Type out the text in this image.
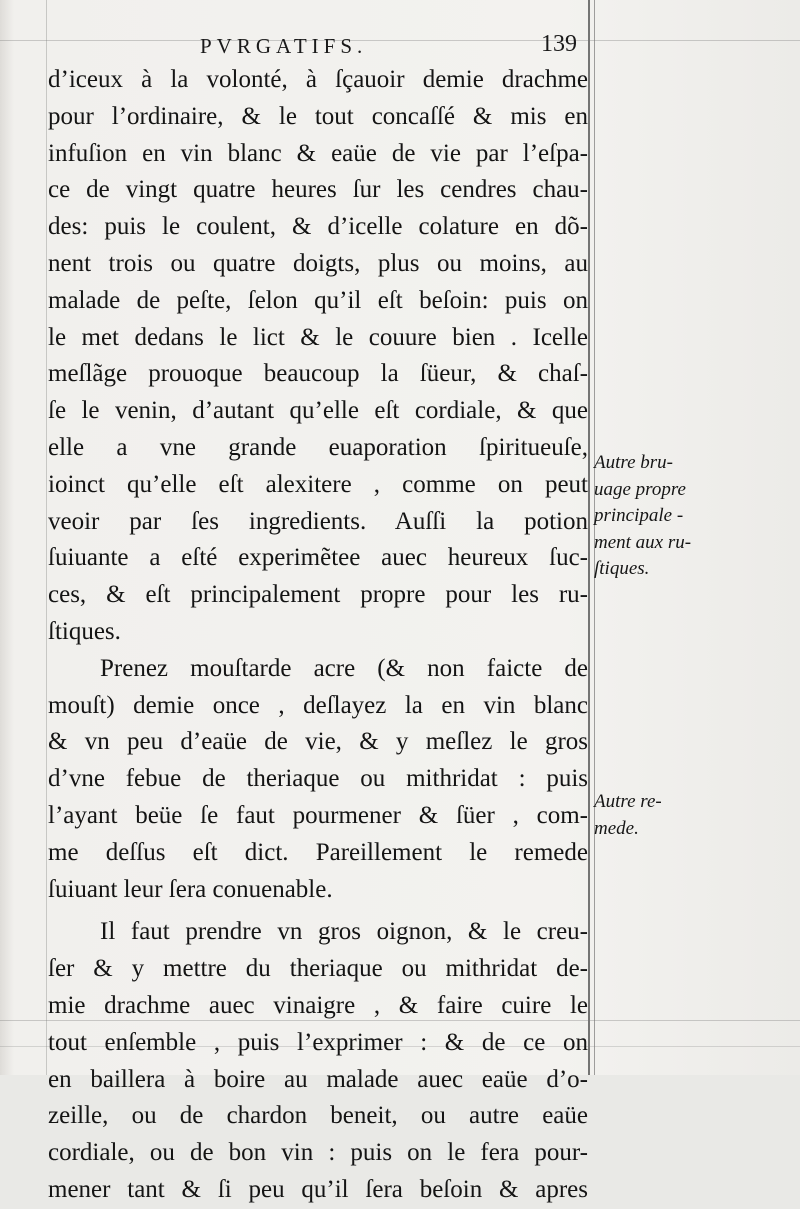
PVRGATIFS.	139
d’iceux à la volonté, à ſçauoir demie drachme
pour l’ordinaire, & le tout concaſſé & mis en
infuſion en vin blanc & eaüe de vie par l’eſpa-
ce de vingt quatre heures ſur les cendres chau-
des: puis le coulent, & d’icelle colature en dõ-
nent trois ou quatre doigts, plus ou moins, au
malade de peſte, ſelon qu’il eſt beſoin: puis on
le met dedans le lict & le couure bien . Icelle
meſlãge prouoque beaucoup la ſüeur, & chaſ-
ſe le venin, d’autant qu’elle eſt cordiale, & que
elle a vne grande euaporation ſpiritueuſe,
ioinct qu’elle eſt alexitere , comme on peut
veoir par ſes ingredients. Auſſi la potion
ſuiuante a eſté experimẽtee auec heureux ſuc-
ces, & eſt principalement propre pour les ru-
ſtiques.
Prenez mouſtarde acre (& non faicte de
mouſt) demie once , deſlayez la en vin blanc
& vn peu d’eaüe de vie, & y meſlez le gros
d’vne febue de theriaque ou mithridat : puis
l’ayant beüe ſe faut pourmener & ſüer , com-
me deſſus eſt dict. Pareillement le remede
ſuiuant leur ſera conuenable.
Il faut prendre vn gros oignon, & le creu-
ſer & y mettre du theriaque ou mithridat de-
mie drachme auec vinaigre , & faire cuire le
tout enſemble , puis l’exprimer : & de ce on
en baillera à boire au malade auec eaüe d’o-
zeille, ou de chardon beneit, ou autre eaüe
cordiale, ou de bon vin : puis on le fera pour-
mener tant & ſi peu qu’il ſera beſoin & apres
Autre bru-
uage propre
principale -
ment aux ru-
ſtiques.
Autre re-
mede.
